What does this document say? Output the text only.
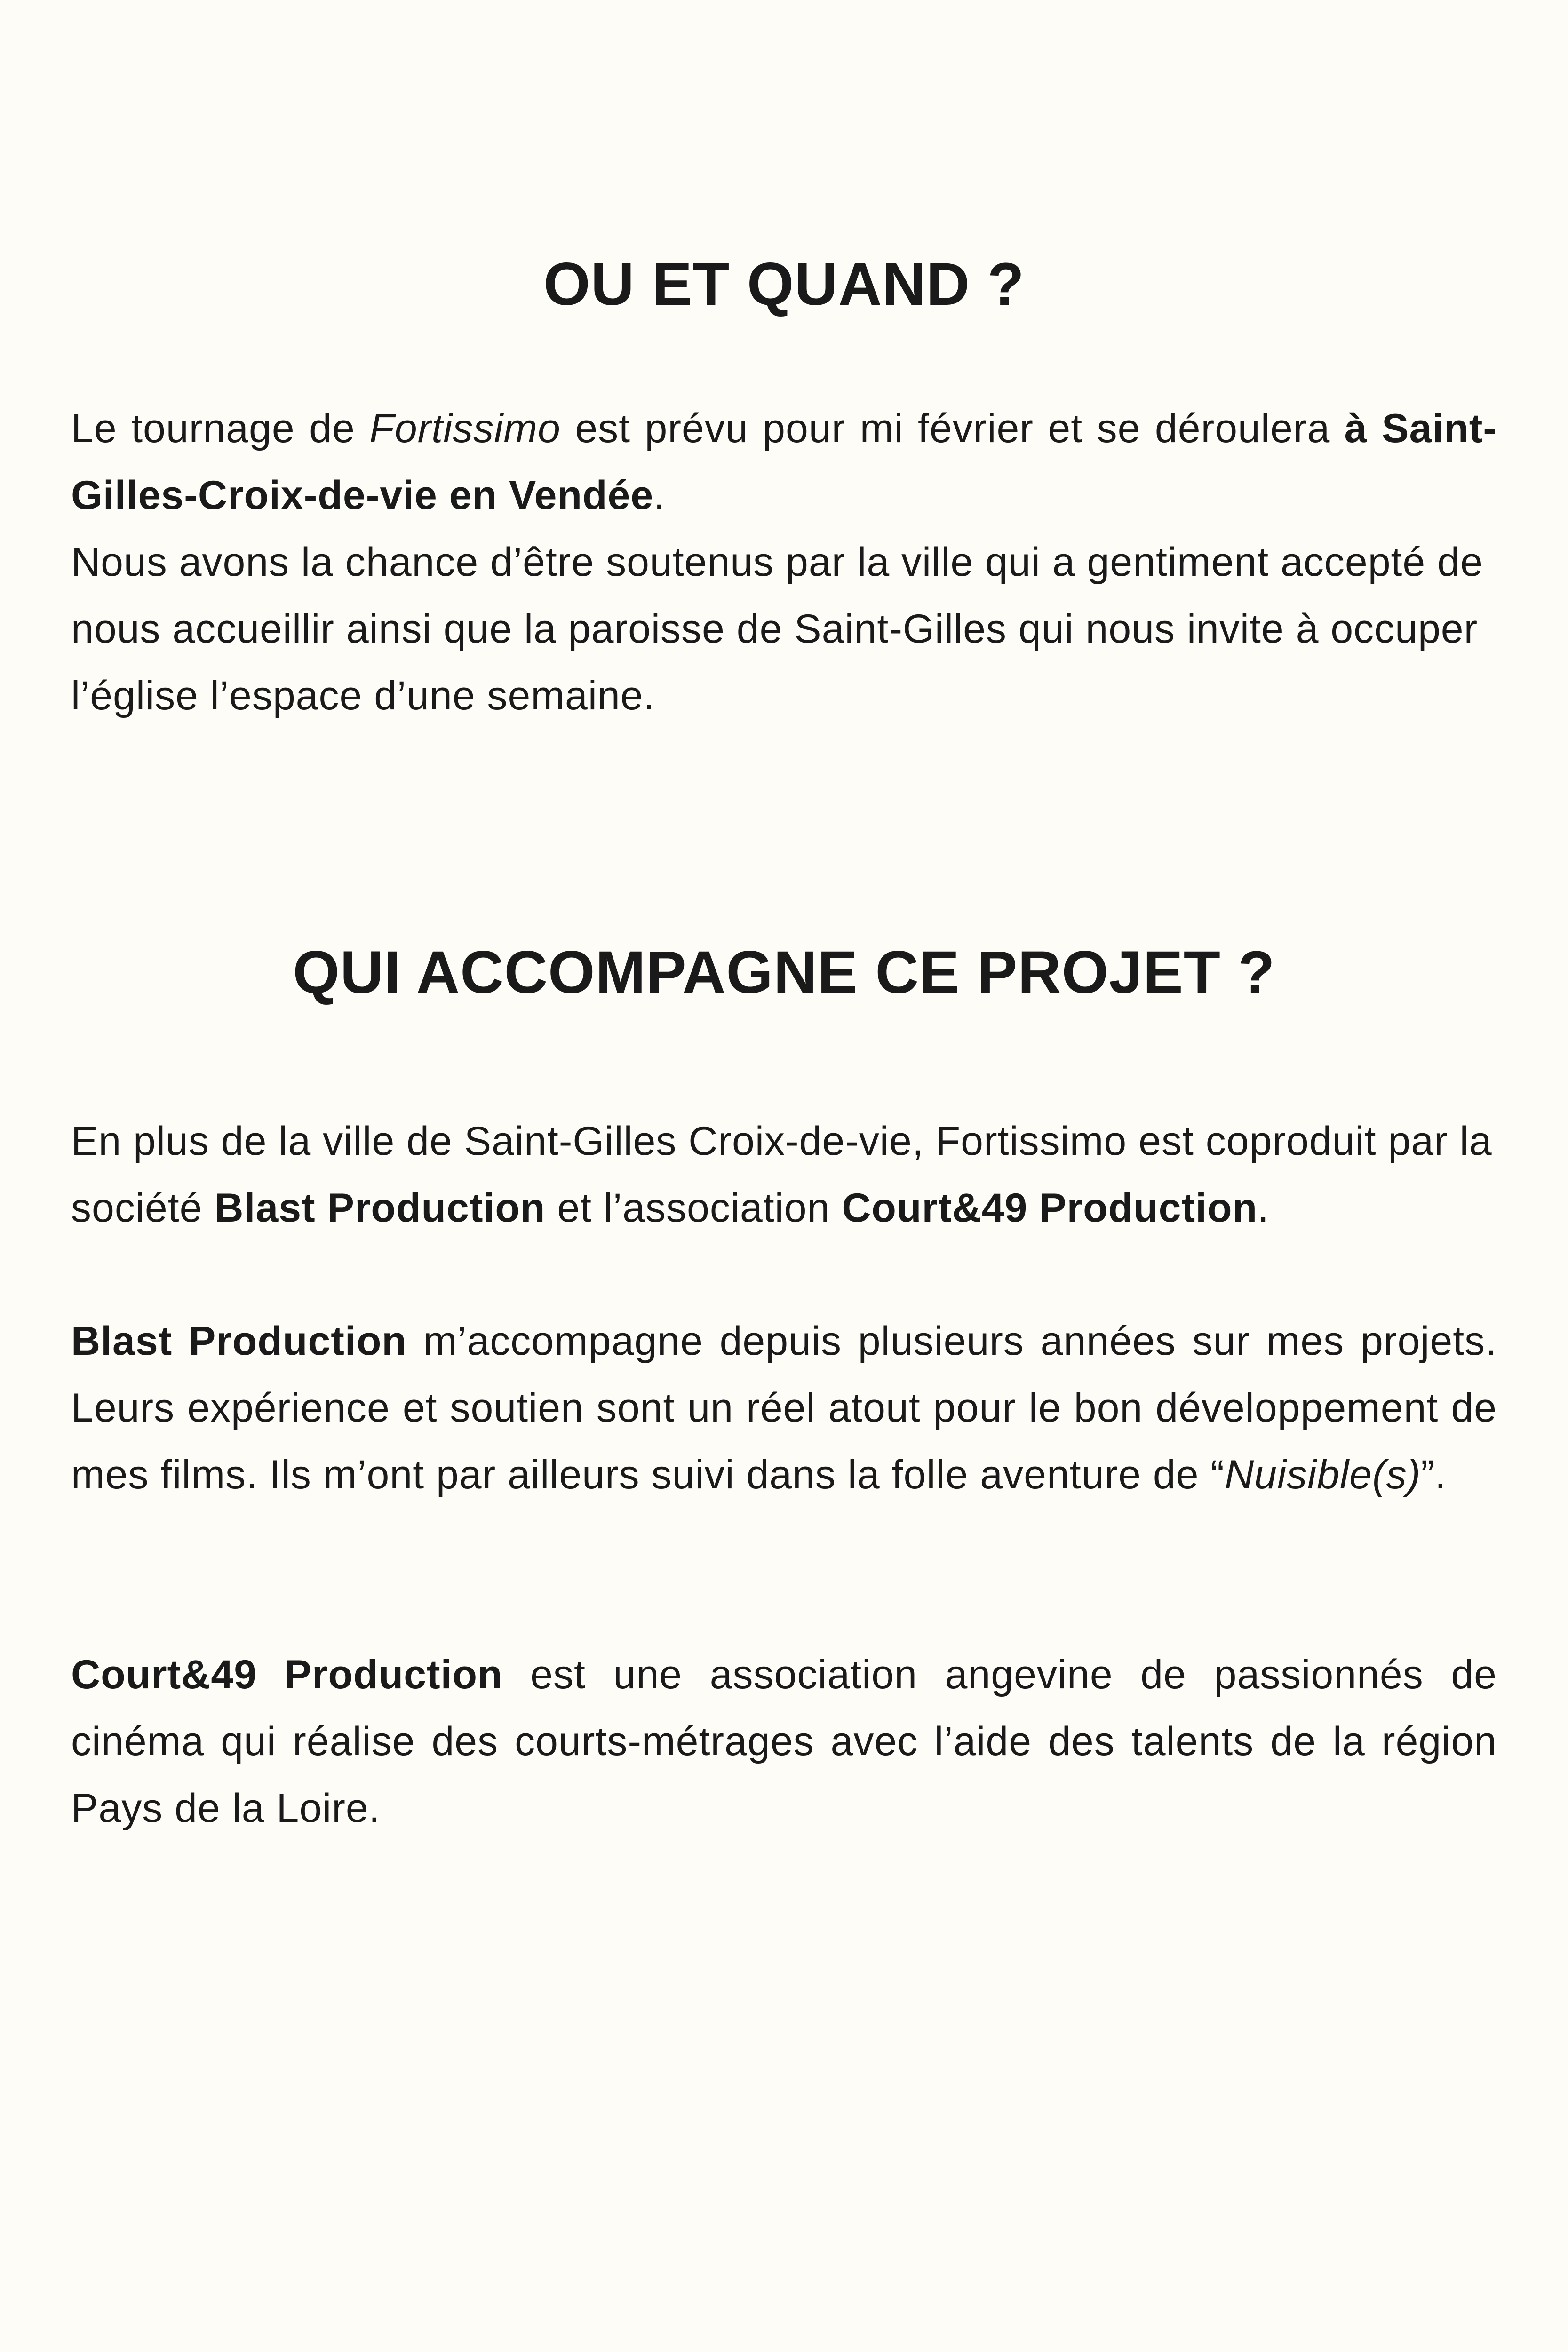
OU ET QUAND ?

Le tournage de Fortissimo est prévu pour mi février et se déroulera à Saint-Gilles-Croix-de-vie en Vendée.

Nous avons la chance d’être soutenus par la ville qui a gentiment accepté de nous accueillir ainsi que la paroisse de Saint-Gilles qui nous invite à occuper l’église l’espace d’une semaine.

QUI ACCOMPAGNE CE PROJET ?

En plus de la ville de Saint-Gilles Croix-de-vie, Fortissimo est coproduit par la société Blast Production et l’association Court&49 Production.

Blast Production m’accompagne depuis plusieurs années sur mes projets. Leurs expérience et soutien sont un réel atout pour le bon développement de mes films. Ils m’ont par ailleurs suivi dans la folle aventure de “Nuisible(s)”.

Court&49 Production est une association angevine de passionnés de cinéma qui réalise des courts-métrages avec l’aide des talents de la région Pays de la Loire.
